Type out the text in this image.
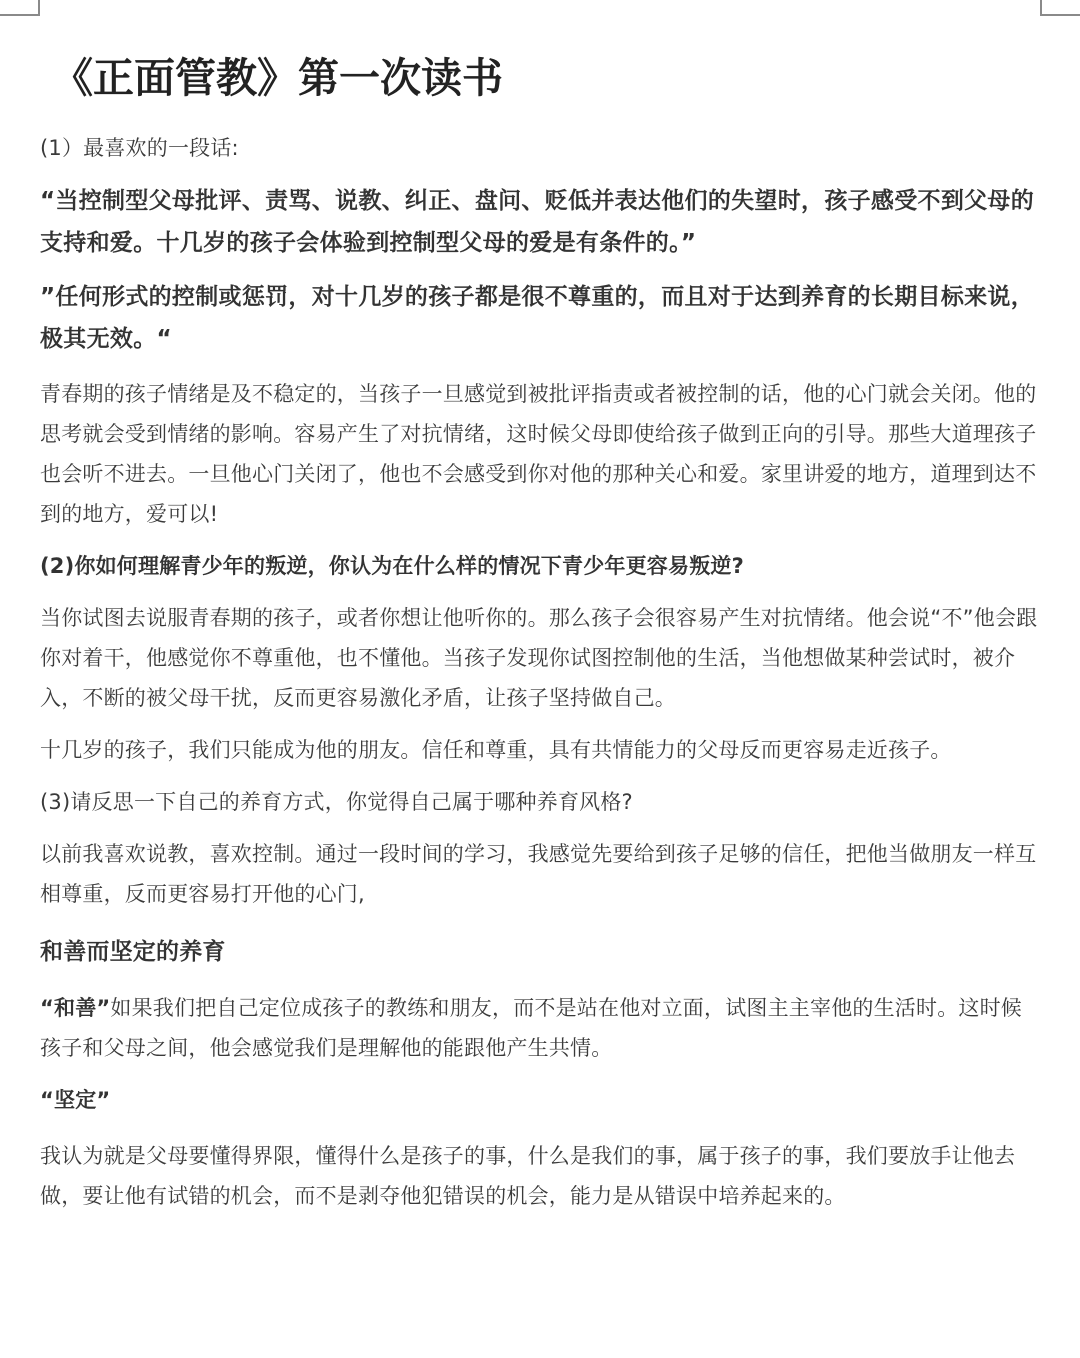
《正面管教》第一次读书

(1）最喜欢的一段话:

“当控制型父母批评、责骂、说教、纠正、盘问、贬低并表达他们的失望时，孩子感受不到父母的支持和爱。十几岁的孩子会体验到控制型父母的爱是有条件的。”

”任何形式的控制或惩罚，对十几岁的孩子都是很不尊重的，而且对于达到养育的长期目标来说，极其无效。“

青春期的孩子情绪是及不稳定的，当孩子一旦感觉到被批评指责或者被控制的话，他的心门就会关闭。他的思考就会受到情绪的影响。容易产生了对抗情绪，这时候父母即使给孩子做到正向的引导。那些大道理孩子也会听不进去。一旦他心门关闭了，他也不会感受到你对他的那种关心和爱。家里讲爱的地方，道理到达不到的地方，爱可以!

(2)你如何理解青少年的叛逆，你认为在什么样的情况下青少年更容易叛逆?

当你试图去说服青春期的孩子，或者你想让他听你的。那么孩子会很容易产生对抗情绪。他会说“不”他会跟你对着干，他感觉你不尊重他，也不懂他。当孩子发现你试图控制他的生活，当他想做某种尝试时，被介入，不断的被父母干扰，反而更容易激化矛盾，让孩子坚持做自己。

十几岁的孩子，我们只能成为他的朋友。信任和尊重，具有共情能力的父母反而更容易走近孩子。

(3)请反思一下自己的养育方式，你觉得自己属于哪种养育风格?

以前我喜欢说教，喜欢控制。通过一段时间的学习，我感觉先要给到孩子足够的信任，把他当做朋友一样互相尊重，反而更容易打开他的心门,

和善而坚定的养育

“和善”如果我们把自己定位成孩子的教练和朋友，而不是站在他对立面，试图主主宰他的生活时。这时候孩子和父母之间，他会感觉我们是理解他的能跟他产生共情。

“坚定”

我认为就是父母要懂得界限，懂得什么是孩子的事，什么是我们的事，属于孩子的事，我们要放手让他去做，要让他有试错的机会，而不是剥夺他犯错误的机会，能力是从错误中培养起来的。
